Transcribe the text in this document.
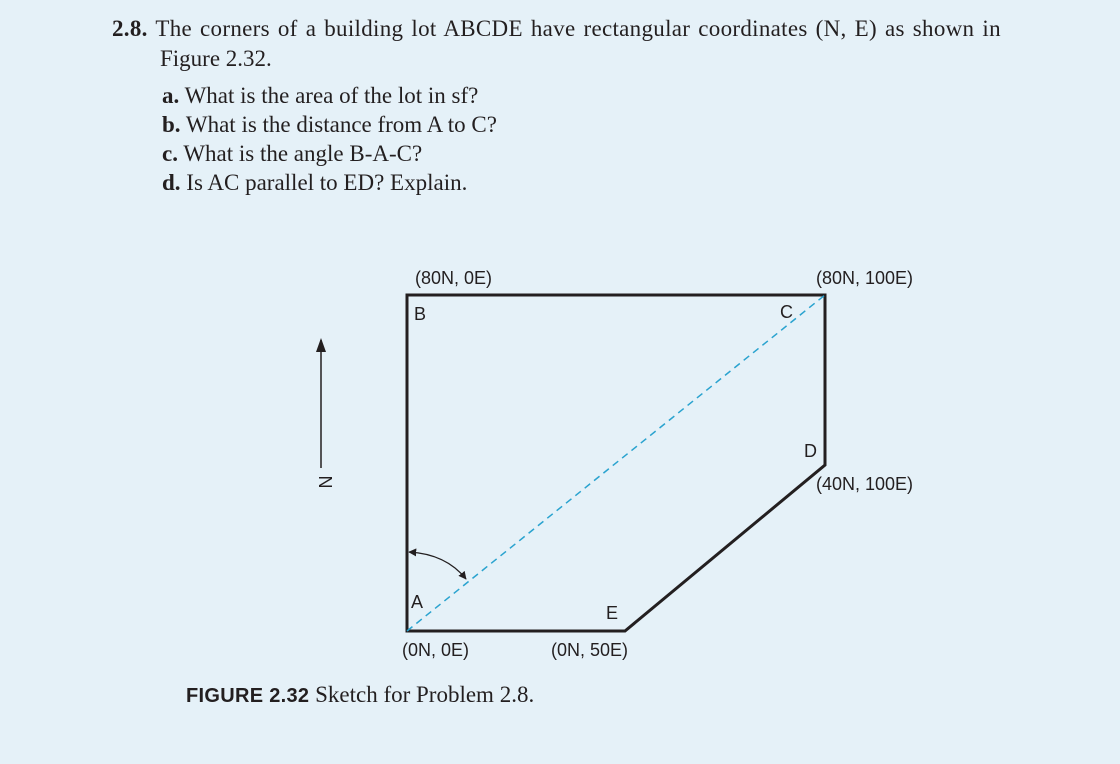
2.8. The corners of a building lot ABCDE have rectangular coordinates (N, E) as shown in
Figure 2.32.
a. What is the area of the lot in sf?
b. What is the distance from A to C?
c. What is the angle B-A-C?
d. Is AC parallel to ED? Explain.
N
B	C
D
E
A
(80N, 0E)	(80N, 100E)
(40N, 100E)
(0N, 0E)	(0N, 50E)
FIGURE 2.32 Sketch for Problem 2.8.
